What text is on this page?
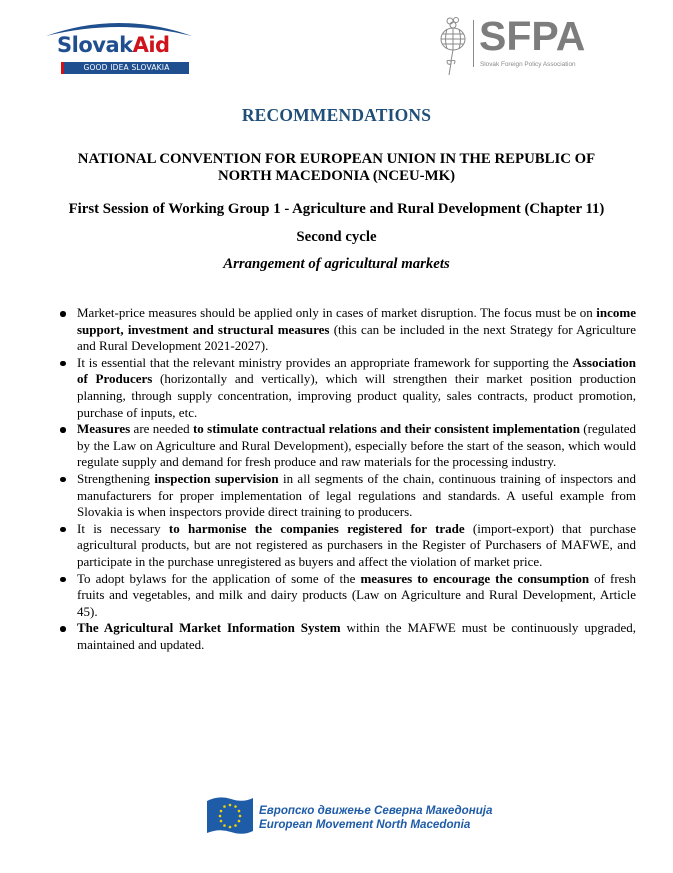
SlovakAid
GOOD IDEA SLOVAKIA
SFPA
Slovak Foreign Policy Association
RECOMMENDATIONS
NATIONAL CONVENTION FOR EUROPEAN UNION IN THE REPUBLIC OF NORTH MACEDONIA (NCEU-MK)
First Session of Working Group 1 - Agriculture and Rural Development (Chapter 11)
Second cycle
Arrangement of agricultural markets
Market-price measures should be applied only in cases of market disruption. The focus must be on income support, investment and structural measures (this can be included in the next Strategy for Agriculture and Rural Development 2021-2027).
It is essential that the relevant ministry provides an appropriate framework for supporting the Association of Producers (horizontally and vertically), which will strengthen their market position production planning, through supply concentration, improving product quality, sales contracts, product promotion, purchase of inputs, etc.
Measures are needed to stimulate contractual relations and their consistent implementation (regulated by the Law on Agriculture and Rural Development), especially before the start of the season, which would regulate supply and demand for fresh produce and raw materials for the processing industry.
Strengthening inspection supervision in all segments of the chain, continuous training of inspectors and manufacturers for proper implementation of legal regulations and standards. A useful example from Slovakia is when inspectors provide direct training to producers.
It is necessary to harmonise the companies registered for trade (import-export) that purchase agricultural products, but are not registered as purchasers in the Register of Purchasers of MAFWE, and participate in the purchase unregistered as buyers and affect the violation of market price.
To adopt bylaws for the application of some of the measures to encourage the consumption of fresh fruits and vegetables, and milk and dairy products (Law on Agriculture and Rural Development, Article 45).
The Agricultural Market Information System within the MAFWE must be continuously upgraded, maintained and updated.
Европско движење Северна Македонија
European Movement North Macedonia
